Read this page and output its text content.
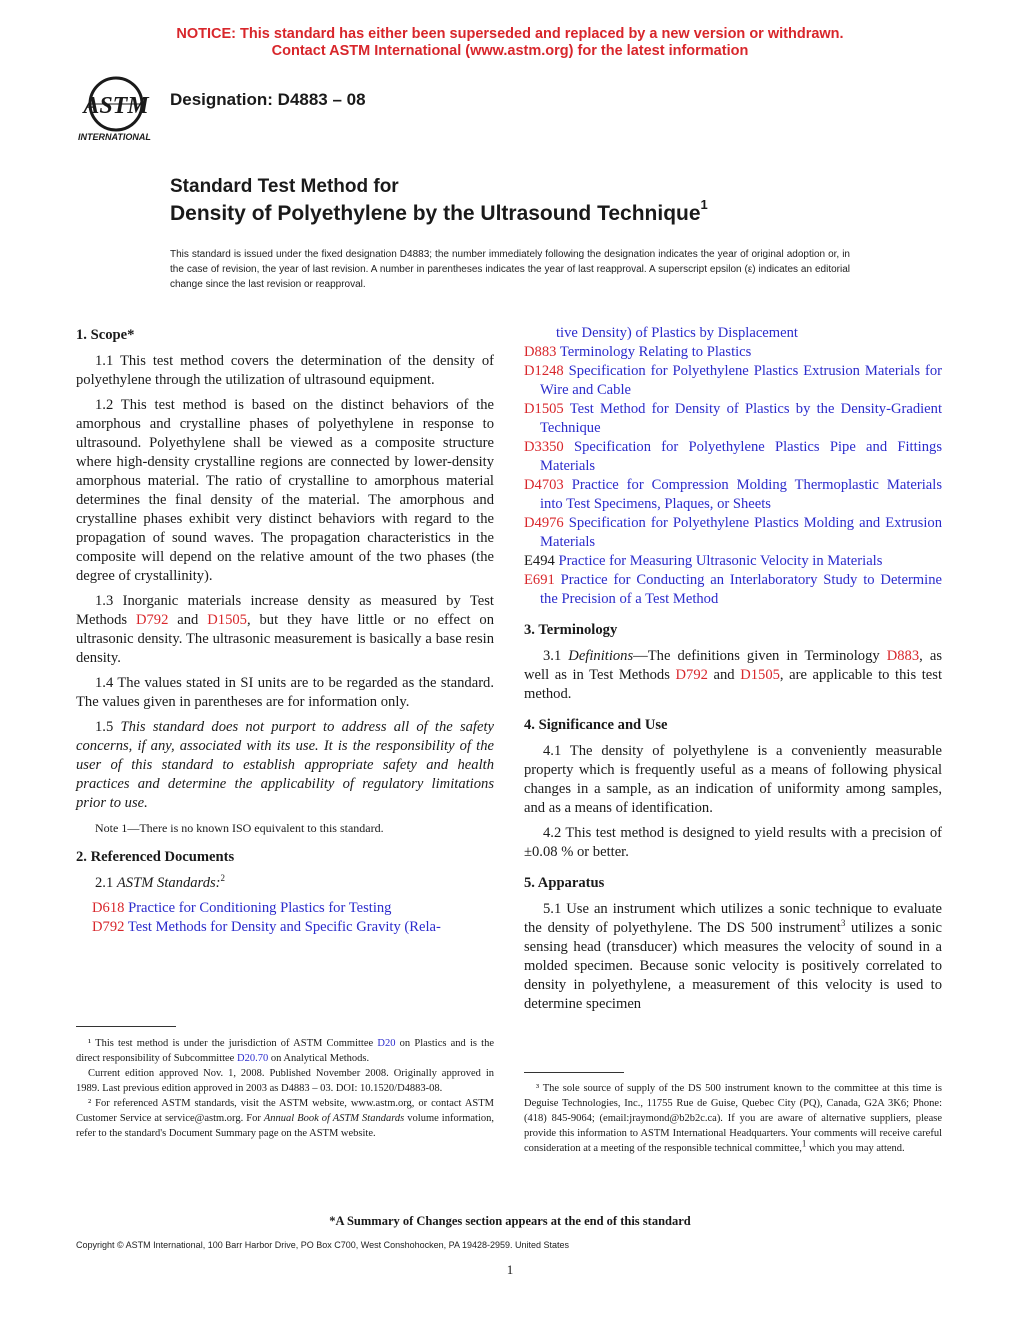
NOTICE: This standard has either been superseded and replaced by a new version or withdrawn.
Contact ASTM International (www.astm.org) for the latest information
ASTM
INTERNATIONAL
Designation: D4883 – 08
Standard Test Method for
Density of Polyethylene by the Ultrasound Technique$^1$
This standard is issued under the fixed designation D4883; the number immediately following the designation indicates the year of original adoption or, in the case of revision, the year of last revision. A number in parentheses indicates the year of last reapproval. A superscript epsilon (ε) indicates an editorial change since the last revision or reapproval.
1. Scope*

1.1 This test method covers the determination of the density of polyethylene through the utilization of ultrasound equipment.

1.2 This test method is based on the distinct behaviors of the amorphous and crystalline phases of polyethylene in response to ultrasound. Polyethylene shall be viewed as a composite structure where high-density crystalline regions are connected by lower-density amorphous material. The ratio of crystalline to amorphous material determines the final density of the material. The amorphous and crystalline phases exhibit very distinct behaviors with regard to the propagation of sound waves. The propagation characteristics in the composite will depend on the relative amount of the two phases (the degree of crystallinity).

1.3 Inorganic materials increase density as measured by Test Methods D792 and D1505, but they have little or no effect on ultrasonic density. The ultrasonic measurement is basically a base resin density.

1.4 The values stated in SI units are to be regarded as the standard. The values given in parentheses are for information only.

1.5 This standard does not purport to address all of the safety concerns, if any, associated with its use. It is the responsibility of the user of this standard to establish appropriate safety and health practices and determine the applicability of regulatory limitations prior to use.

Note 1—There is no known ISO equivalent to this standard.

2. Referenced Documents

2.1 ASTM Standards:$^2$

D618 Practice for Conditioning Plastics for Testing
D792 Test Methods for Density and Specific Gravity (Rela-

¹ This test method is under the jurisdiction of ASTM Committee D20 on Plastics and is the direct responsibility of Subcommittee D20.70 on Analytical Methods.

Current edition approved Nov. 1, 2008. Published November 2008. Originally approved in 1989. Last previous edition approved in 2003 as D4883 – 03. DOI: 10.1520/D4883-08.

² For referenced ASTM standards, visit the ASTM website, www.astm.org, or contact ASTM Customer Service at service@astm.org. For Annual Book of ASTM Standards volume information, refer to the standard's Document Summary page on the ASTM website.

tive Density) of Plastics by Displacement
D883 Terminology Relating to Plastics
D1248 Specification for Polyethylene Plastics Extrusion Materials for Wire and Cable
D1505 Test Method for Density of Plastics by the Density-Gradient Technique
D3350 Specification for Polyethylene Plastics Pipe and Fittings Materials
D4703 Practice for Compression Molding Thermoplastic Materials into Test Specimens, Plaques, or Sheets
D4976 Specification for Polyethylene Plastics Molding and Extrusion Materials
E494 Practice for Measuring Ultrasonic Velocity in Materials
E691 Practice for Conducting an Interlaboratory Study to Determine the Precision of a Test Method
3. Terminology

3.1 Definitions—The definitions given in Terminology D883, as well as in Test Methods D792 and D1505, are applicable to this test method.

4. Significance and Use

4.1 The density of polyethylene is a conveniently measurable property which is frequently useful as a means of following physical changes in a sample, as an indication of uniformity among samples, and as a means of identification.

4.2 This test method is designed to yield results with a precision of ±0.08 % or better.

5. Apparatus

5.1 Use an instrument which utilizes a sonic technique to evaluate the density of polyethylene. The DS 500 instrument$^3$ utilizes a sonic sensing head (transducer) which measures the velocity of sound in a molded specimen. Because sonic velocity is positively correlated to density in polyethylene, a measurement of this velocity is used to determine specimen

³ The sole source of supply of the DS 500 instrument known to the committee at this time is Deguise Technologies, Inc., 11755 Rue de Guise, Quebec City (PQ), Canada, G2A 3K6; Phone: (418) 845-9064; (email:jraymond@b2b2c.ca). If you are aware of alternative suppliers, please provide this information to ASTM International Headquarters. Your comments will receive careful consideration at a meeting of the responsible technical committee,$^1$ which you may attend.

*A Summary of Changes section appears at the end of this standard
Copyright © ASTM International, 100 Barr Harbor Drive, PO Box C700, West Conshohocken, PA 19428-2959. United States
1
